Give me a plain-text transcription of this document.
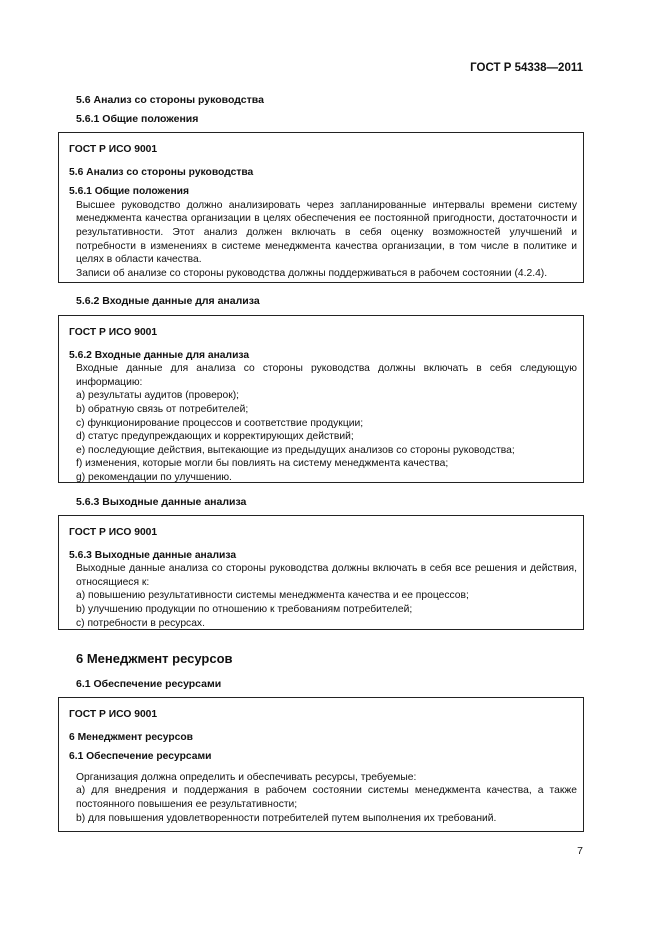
ГОСТ Р 54338—2011
5.6 Анализ со стороны руководства
5.6.1 Общие положения

ГОСТ Р ИСО 9001

5.6 Анализ со стороны руководства

5.6.1 Общие положения

Высшее руководство должно анализировать через запланированные интервалы времени систему менеджмента качества организации в целях обеспечения ее постоянной пригодности, достаточности и результативности. Этот анализ должен включать в себя оценку возможностей улучшений и потребности в изменениях в системе менеджмента качества организации, в том числе в политике и целях в области качества.

Записи об анализе со стороны руководства должны поддерживаться в рабочем состоянии (4.2.4).

5.6.2 Входные данные для анализа

ГОСТ Р ИСО 9001

5.6.2 Входные данные для анализа

Входные данные для анализа со стороны руководства должны включать в себя следующую информацию:

a) результаты аудитов (проверок);

b) обратную связь от потребителей;

c) функционирование процессов и соответствие продукции;

d) статус предупреждающих и корректирующих действий;

e) последующие действия, вытекающие из предыдущих анализов со стороны руководства;

f) изменения, которые могли бы повлиять на систему менеджмента качества;

g) рекомендации по улучшению.

5.6.3 Выходные данные анализа

ГОСТ Р ИСО 9001

5.6.3 Выходные данные анализа

Выходные данные анализа со стороны руководства должны включать в себя все решения и действия, относящиеся к:

a) повышению результативности системы менеджмента качества и ее процессов;

b) улучшению продукции по отношению к требованиям потребителей;

c) потребности в ресурсах.

6 Менеджмент ресурсов
6.1 Обеспечение ресурсами

ГОСТ Р ИСО 9001

6 Менеджмент ресурсов

6.1 Обеспечение ресурсами

Организация должна определить и обеспечивать ресурсы, требуемые:

a) для внедрения и поддержания в рабочем состоянии системы менеджмента качества, а также постоянного повышения ее результативности;

b) для повышения удовлетворенности потребителей путем выполнения их требований.

7
